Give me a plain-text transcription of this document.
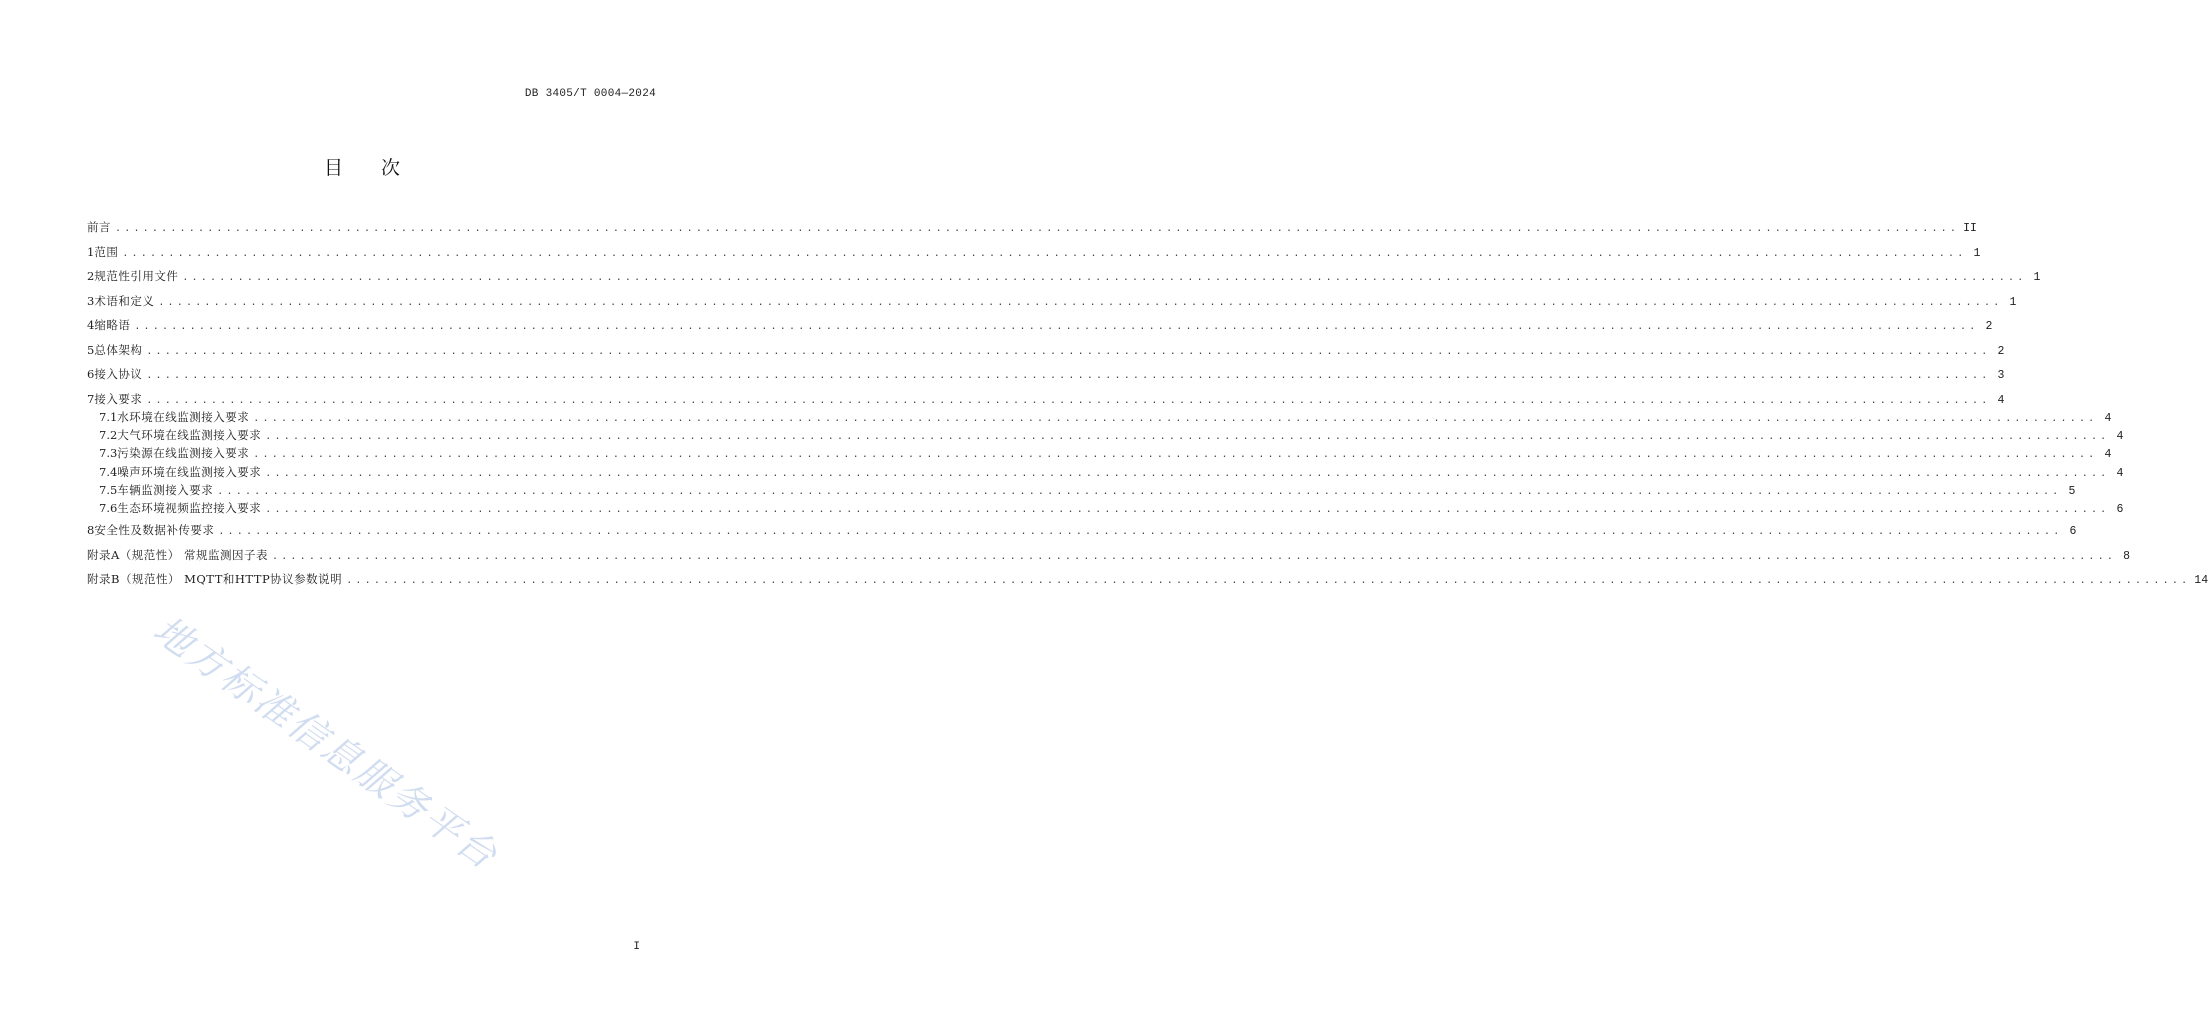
DB 3405/T 0004—2024
目次
前言 ........................................................................................................................................................................................................ II
1 范围 ........................................................................................................................................................................................................ 1
2 规范性引用文件 ........................................................................................................................................................................................................ 1
3 术语和定义 ........................................................................................................................................................................................................ 1
4 缩略语 ........................................................................................................................................................................................................ 2
5 总体架构 ........................................................................................................................................................................................................ 2
6 接入协议 ........................................................................................................................................................................................................ 3
7 接入要求 ........................................................................................................................................................................................................ 4
7.1 水环境在线监测接入要求 ........................................................................................................................................................................................................ 4
7.2 大气环境在线监测接入要求 ........................................................................................................................................................................................................ 4
7.3 污染源在线监测接入要求 ........................................................................................................................................................................................................ 4
7.4 噪声环境在线监测接入要求 ........................................................................................................................................................................................................ 4
7.5 车辆监测接入要求 ........................................................................................................................................................................................................ 5
7.6 生态环境视频监控接入要求 ........................................................................................................................................................................................................ 6
8 安全性及数据补传要求 ........................................................................................................................................................................................................ 6
附录A（规范性） 常规监测因子表 ........................................................................................................................................................................................................ 8
附录B（规范性） MQTT和HTTP协议参数说明 ........................................................................................................................................................................................................ 14
地方标准信息服务平台
I
